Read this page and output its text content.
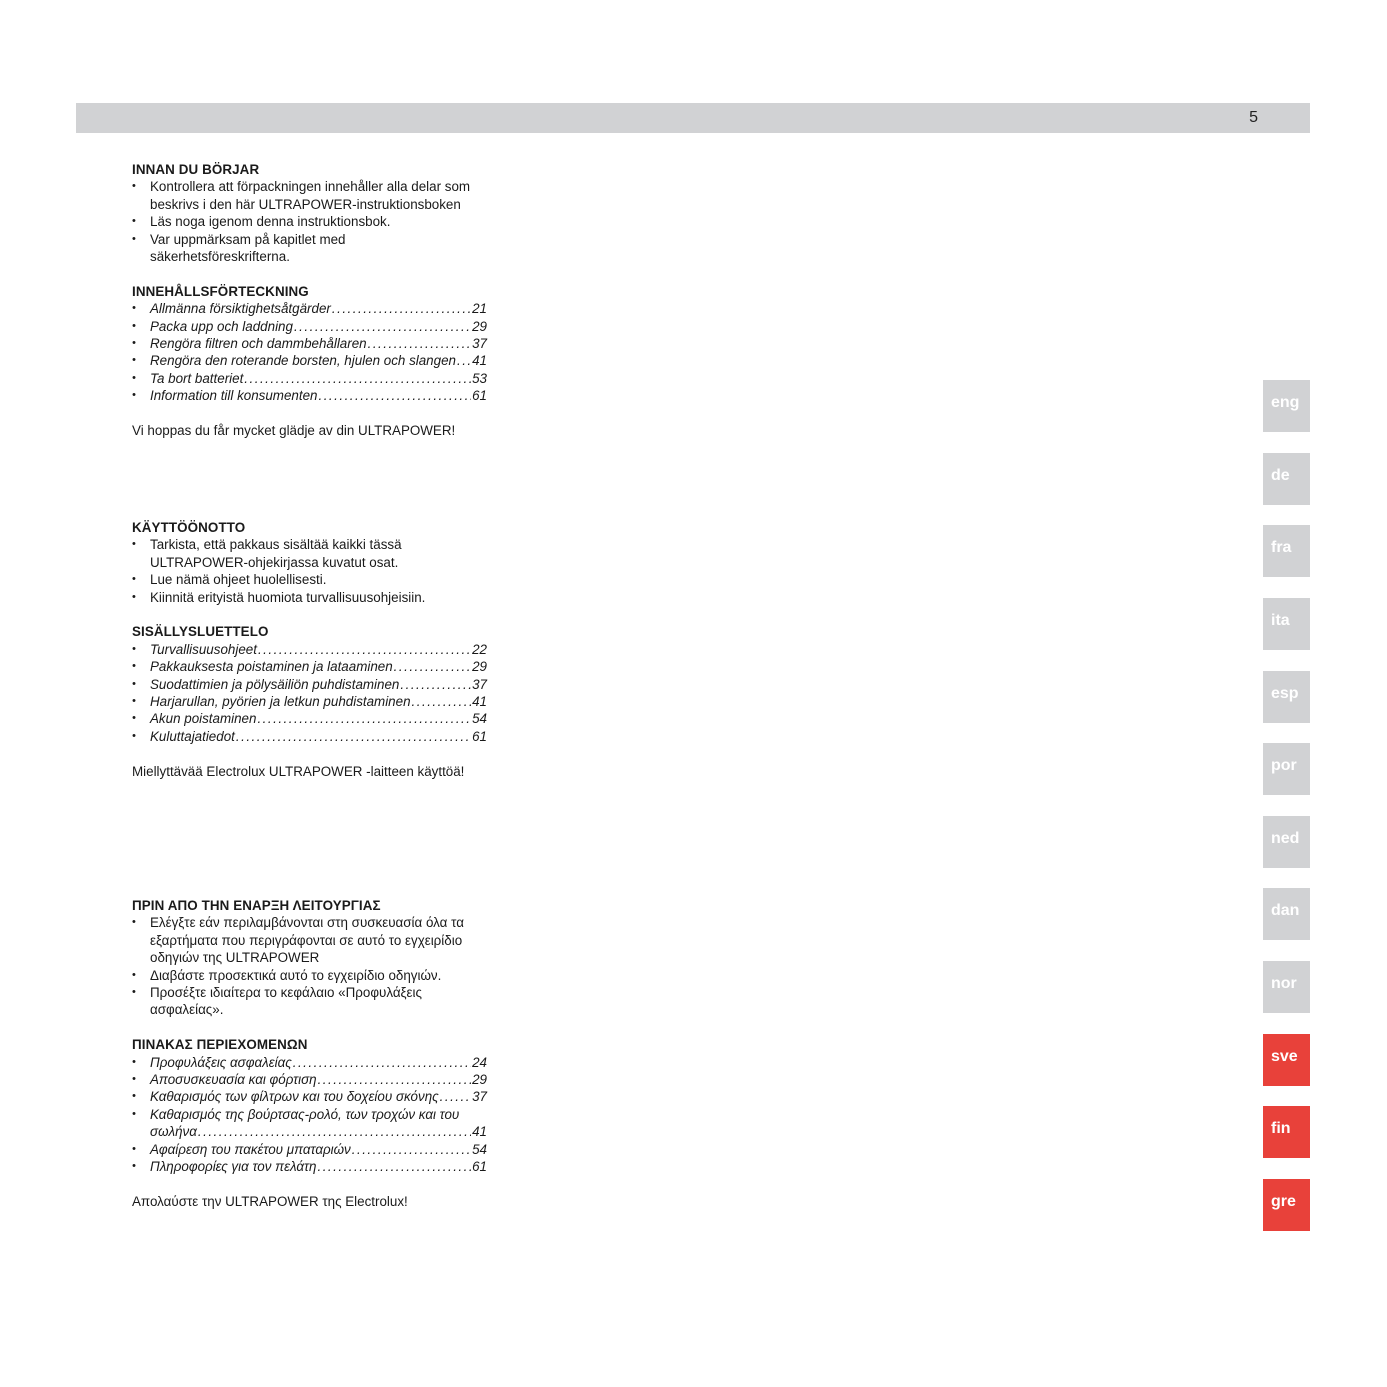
5
INNAN DU BÖRJAR
• Kontrollera att förpackningen innehåller alla delar som beskrivs i den här ULTRAPOWER-instruktionsboken
• Läs noga igenom denna instruktionsbok.
• Var uppmärksam på kapitlet med säkerhetsföreskrifterna.
INNEHÅLLSFÖRTECKNING
• Allmänna försiktighetsåtgärder .....	21
• Packa upp och laddning .....	29
• Rengöra filtren och dammbehållaren .....	37
• Rengöra den roterande borsten, hjulen och slangen ..... 41
• Ta bort batteriet .....	53
• Information till konsumenten .....	61
Vi hoppas du får mycket glädje av din ULTRAPOWER!
KÄYTTÖÖNOTTO
• Tarkista, että pakkaus sisältää kaikki tässä ULTRAPOWER-ohjekirjassa kuvatut osat.
• Lue nämä ohjeet huolellisesti.
• Kiinnitä erityistä huomiota turvallisuusohjeisiin.
SISÄLLYSLUETTELO
• Turvallisuusohjeet .....	22
• Pakkauksesta poistaminen ja lataaminen .....	29
• Suodattimien ja pölysäiliön puhdistaminen .....	37
• Harjarullan, pyörien ja letkun puhdistaminen .....	41
• Akun poistaminen .....	54
• Kuluttajatiedot .....	61
Miellyttävää Electrolux ULTRAPOWER -laitteen käyttöä!
ΠΡΙΝ ΑΠΟ ΤΗΝ ΕΝΑΡΞΗ ΛΕΙΤΟΥΡΓΙΑΣ
• Ελέγξτε εάν περιλαμβάνονται στη συσκευασία όλα τα εξαρτήματα που περιγράφονται σε αυτό το εγχειρίδιο οδηγιών της ULTRAPOWER
• Διαβάστε προσεκτικά αυτό το εγχειρίδιο οδηγιών.
• Προσέξτε ιδιαίτερα το κεφάλαιο «Προφυλάξεις ασφαλείας».
ΠΙΝΑΚΑΣ ΠΕΡΙΕΧΟΜΕΝΩΝ
• Προφυλάξεις ασφαλείας .....	24
• Αποσυσκευασία και φόρτιση .....	29
• Καθαρισμός των φίλτρων και του δοχείου σκόνης ..... 37
• Καθαρισμός της βούρτσας-ρολό, των τροχών και του
σωλήνα .....	41
• Αφαίρεση του πακέτου μπαταριών .....	54
• Πληροφορίες για τον πελάτη .....	61
Απολαύστε την ULTRAPOWER της Electrolux!
eng
de
fra
ita
esp
por
ned
dan
nor
sve
fin
gre
